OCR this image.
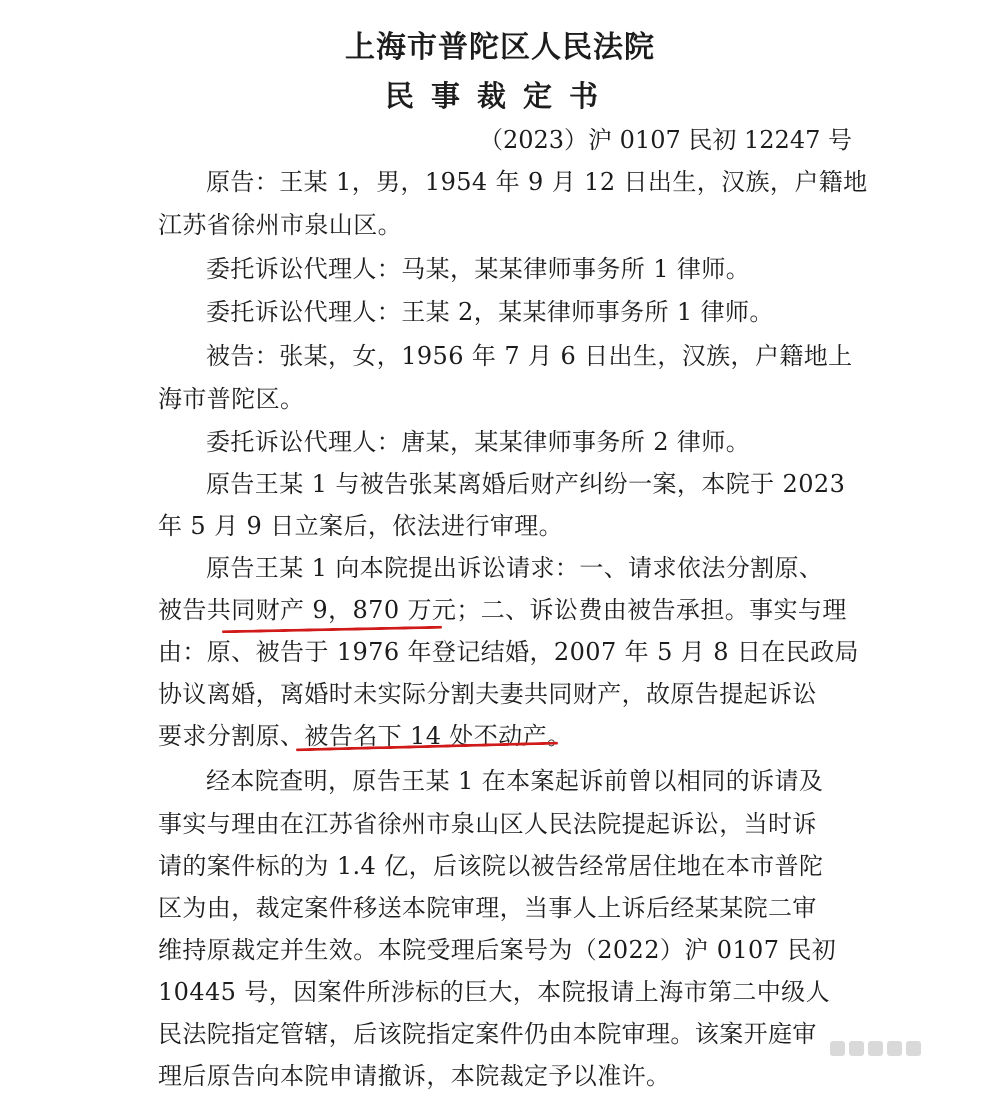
上海市普陀区人民法院
民事裁定书
（2023）沪 0107 民初 12247 号
原告：王某 1，男，1954 年 9 月 12 日出生，汉族，户籍地
江苏省徐州市泉山区。
委托诉讼代理人：马某，某某律师事务所 1 律师。
委托诉讼代理人：王某 2，某某律师事务所 1 律师。
被告：张某，女，1956 年 7 月 6 日出生，汉族，户籍地上
海市普陀区。
委托诉讼代理人：唐某，某某律师事务所 2 律师。
原告王某 1 与被告张某离婚后财产纠纷一案，本院于 2023
年 5 月 9 日立案后，依法进行审理。
原告王某 1 向本院提出诉讼请求：一、请求依法分割原、
被告共同财产 9，870 万元；二、诉讼费由被告承担。事实与理
由：原、被告于 1976 年登记结婚，2007 年 5 月 8 日在民政局
协议离婚，离婚时未实际分割夫妻共同财产，故原告提起诉讼
要求分割原、被告名下 14 处不动产。
经本院查明，原告王某 1 在本案起诉前曾以相同的诉请及
事实与理由在江苏省徐州市泉山区人民法院提起诉讼，当时诉
请的案件标的为 1.4 亿，后该院以被告经常居住地在本市普陀
区为由，裁定案件移送本院审理，当事人上诉后经某某院二审
维持原裁定并生效。本院受理后案号为（2022）沪 0107 民初
10445 号，因案件所涉标的巨大，本院报请上海市第二中级人
民法院指定管辖，后该院指定案件仍由本院审理。该案开庭审
理后原告向本院申请撤诉，本院裁定予以准许。
